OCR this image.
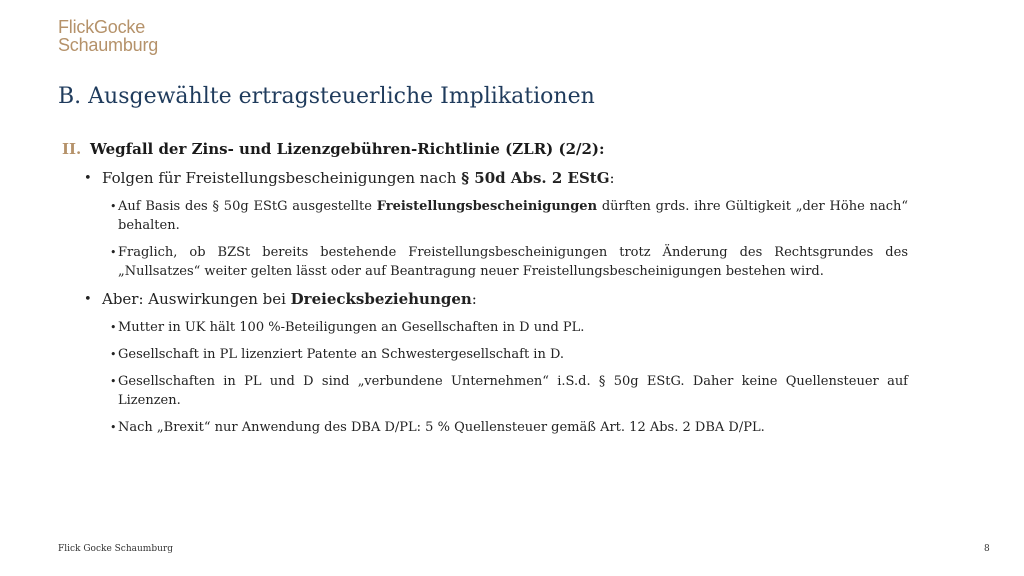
FlickGocke
Schaumburg
B. Ausgewählte ertragsteuerliche Implikationen
II. Wegfall der Zins- und Lizenzgebühren-Richtlinie (ZLR) (2/2):
• Folgen für Freistellungsbescheinigungen nach § 50d Abs. 2 EStG:
• Auf Basis des § 50g EStG ausgestellte Freistellungsbescheinigungen dürften grds. ihre Gültigkeit „der Höhe nach“ behalten.
• Fraglich, ob BZSt bereits bestehende Freistellungsbescheinigungen trotz Änderung des Rechtsgrundes des „Nullsatzes“ weiter gelten lässt oder auf Beantragung neuer Freistellungsbescheinigungen bestehen wird.
• Aber: Auswirkungen bei Dreiecksbeziehungen:
• Mutter in UK hält 100 %-Beteiligungen an Gesellschaften in D und PL.
• Gesellschaft in PL lizenziert Patente an Schwestergesellschaft in D.
• Gesellschaften in PL und D sind „verbundene Unternehmen“ i.S.d. § 50g EStG. Daher keine Quellensteuer auf Lizenzen.
• Nach „Brexit“ nur Anwendung des DBA D/PL: 5 % Quellensteuer gemäß Art. 12 Abs. 2 DBA D/PL.
Flick Gocke Schaumburg	8
